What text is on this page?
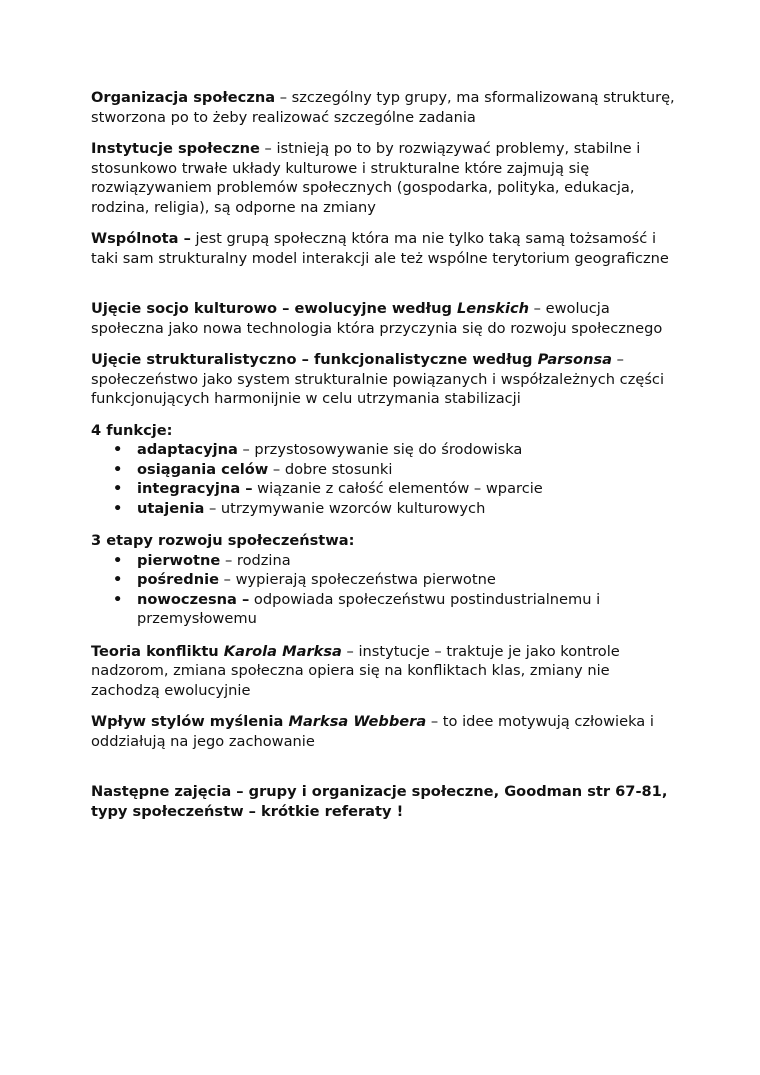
Organizacja społeczna – szczególny typ grupy, ma sformalizowaną strukturę, stworzona po to żeby realizować szczególne zadania

Instytucje społeczne – istnieją po to by rozwiązywać problemy, stabilne i stosunkowo trwałe układy kulturowe i strukturalne które zajmują się rozwiązywaniem problemów społecznych (gospodarka, polityka, edukacja, rodzina, religia), są odporne na zmiany

Wspólnota – jest grupą społeczną która ma nie tylko taką samą tożsamość i taki sam strukturalny model interakcji ale też wspólne terytorium geograficzne

Ujęcie socjo kulturowo – ewolucyjne według Lenskich – ewolucja społeczna jako nowa technologia która przyczynia się do rozwoju społecznego

Ujęcie strukturalistyczno – funkcjonalistyczne według Parsonsa – społeczeństwo jako system strukturalnie powiązanych i współzależnych części funkcjonujących harmonijnie w celu utrzymania stabilizacji

4 funkcje:

• adaptacyjna – przystosowywanie się do środowiska
• osiągania celów – dobre stosunki
• integracyjna – wiązanie z całość elementów – wparcie
• utajenia – utrzymywanie wzorców kulturowych

3 etapy rozwoju społeczeństwa:

• pierwotne – rodzina
• pośrednie – wypierają społeczeństwa pierwotne
• nowoczesna – odpowiada społeczeństwu postindustrialnemu i przemysłowemu

Teoria konfliktu Karola Marksa – instytucje – traktuje je jako kontrole nadzorom, zmiana społeczna opiera się na konfliktach klas, zmiany nie zachodzą ewolucyjnie

Wpływ stylów myślenia Marksa Webbera – to idee motywują człowieka i oddziałują na jego zachowanie

Następne zajęcia – grupy i organizacje społeczne, Goodman str 67-81, typy społeczeństw – krótkie referaty !
